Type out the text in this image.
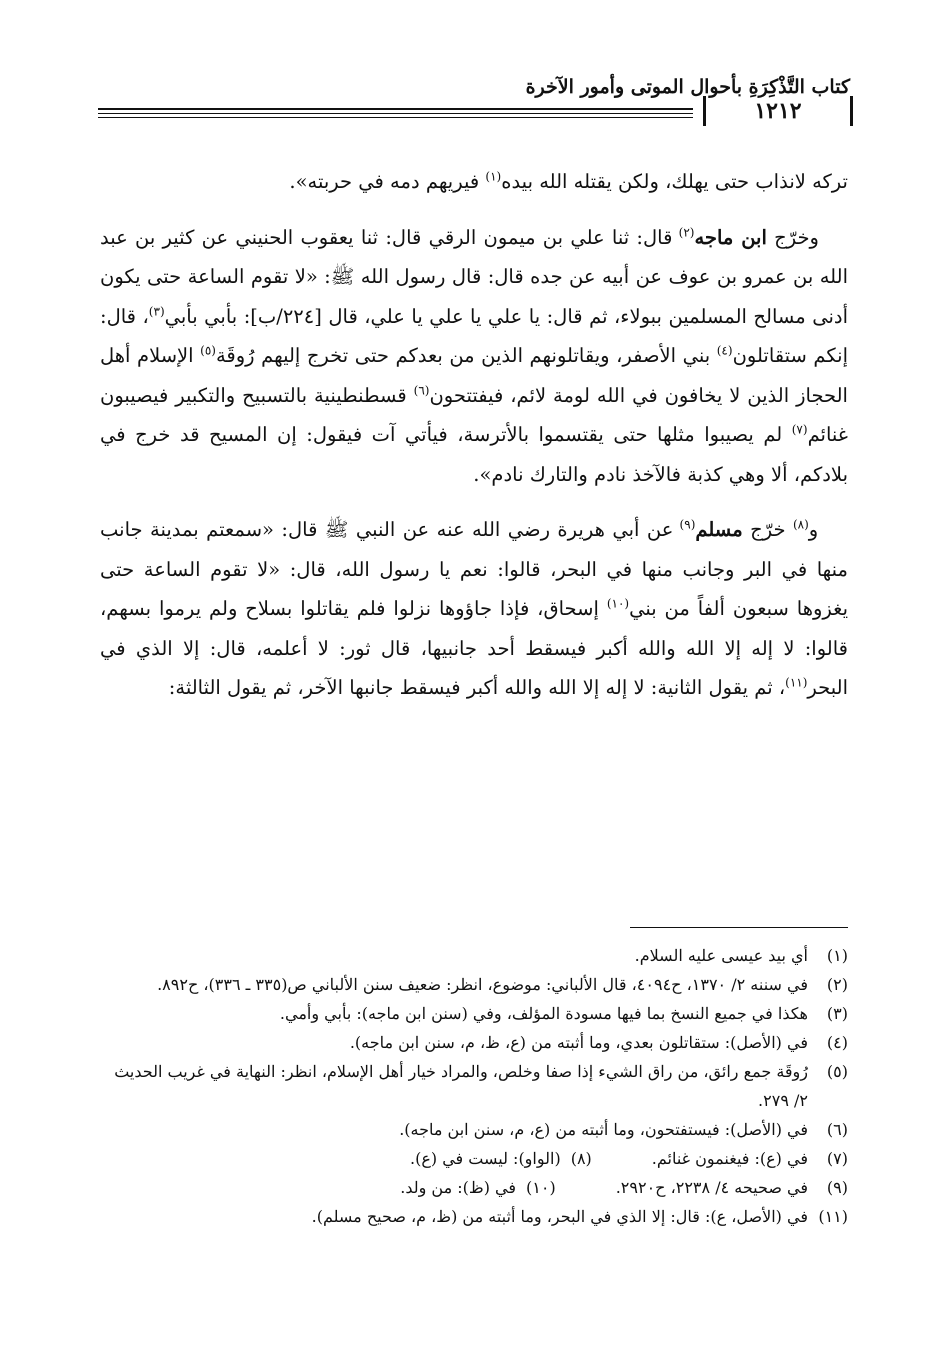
كتاب التَّذْكِرَةِ بأحوال الموتى وأمور الآخرة
١٢١٢

تركه لانذاب حتى يهلك، ولكن يقتله الله بيده$^{(١)}$ فيريهم دمه في حربته».

وخرّج ابن ماجه$^{(٢)}$ قال: ثنا علي بن ميمون الرقي قال: ثنا يعقوب الحنيني عن كثير بن عبد الله بن عمرو بن عوف عن أبيه عن جده قال: قال رسول الله ﷺ: «لا تقوم الساعة حتى يكون أدنى مسالح المسلمين ببولاء، ثم قال: يا علي يا علي يا علي، قال [٢٢٤/ب]: بأبي بأبي$^{(٣)}$، قال: إنكم ستقاتلون$^{(٤)}$ بني الأصفر، ويقاتلونهم الذين من بعدكم حتى تخرج إليهم رُوقَة$^{(٥)}$ الإسلام أهل الحجاز الذين لا يخافون في الله لومة لائم، فيفتتحون$^{(٦)}$ قسطنطينية بالتسبيح والتكبير فيصيبون غنائم$^{(٧)}$ لم يصيبوا مثلها حتى يقتسموا بالأترسة، فيأتي آت فيقول: إن المسيح قد خرج في بلادكم، ألا وهي كذبة فالآخذ نادم والتارك نادم».

و$^{(٨)}$ خرّج مسلم$^{(٩)}$ عن أبي هريرة رضي الله عنه عن النبي ﷺ قال: «سمعتم بمدينة جانب منها في البر وجانب منها في البحر، قالوا: نعم يا رسول الله، قال: «لا تقوم الساعة حتى يغزوها سبعون ألفاً من بني$^{(١٠)}$ إسحاق، فإذا جاؤوها نزلوا فلم يقاتلوا بسلاح ولم يرموا بسهم، قالوا: لا إله إلا الله والله أكبر فيسقط أحد جانبيها، قال ثور: لا أعلمه، قال: إلا الذي في البحر$^{(١١)}$، ثم يقول الثانية: لا إله إلا الله والله أكبر فيسقط جانبها الآخر، ثم يقول الثالثة:

(١)
أي بيد عيسى عليه السلام.
(٢)
في سننه ٢/ ١٣٧٠، ح٤٠٩٤، قال الألباني: موضوع، انظر: ضعيف سنن الألباني ص(٣٣٥ ـ ٣٣٦)، ح٨٩٢.
(٣)
هكذا في جميع النسخ بما فيها مسودة المؤلف، وفي (سنن ابن ماجه): بأبي وأمي.
(٤)
في (الأصل): ستقاتلون بعدي، وما أثبته من (ع، ظ، م، سنن ابن ماجه).
(٥)
رُوقَة جمع رائق، من راق الشيء إذا صفا وخلص، والمراد خيار أهل الإسلام، انظر: النهاية في غريب الحديث ٢/ ٢٧٩.
(٦)
في (الأصل): فيستفتحون، وما أثبته من (ع، م، سنن ابن ماجه).
(٧)
في (ع): فيغنمون غنائم.
(٨)
(الواو): ليست في (ع).
(٩)
في صحيحه ٤/ ٢٢٣٨، ح٢٩٢٠.
(١٠)
في (ظ): من ولد.
(١١)
في (الأصل، ع): قال: إلا الذي في البحر، وما أثبته من (ظ، م، صحيح مسلم).
